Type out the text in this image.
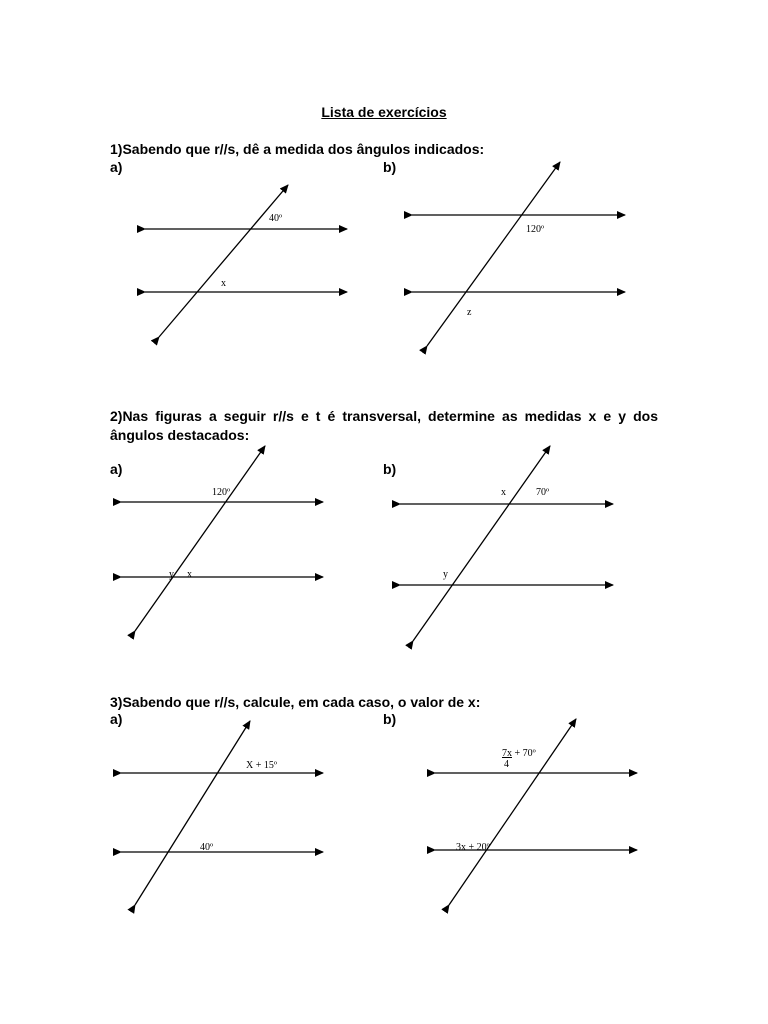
Lista de exercícios
1)Sabendo que r//s, dê a medida dos ângulos indicados:
a)	b)
2)Nas figuras a seguir r//s e t é transversal, determine as medidas x e y dos ângulos destacados:
a)	b)
3)Sabendo que r//s, calcule, em cada caso, o valor de x:
a)	b)
40º
x
120º
z
120º
y x
x	70º
y
X + 15º
40º
7x + 70º
4
3x + 20º
